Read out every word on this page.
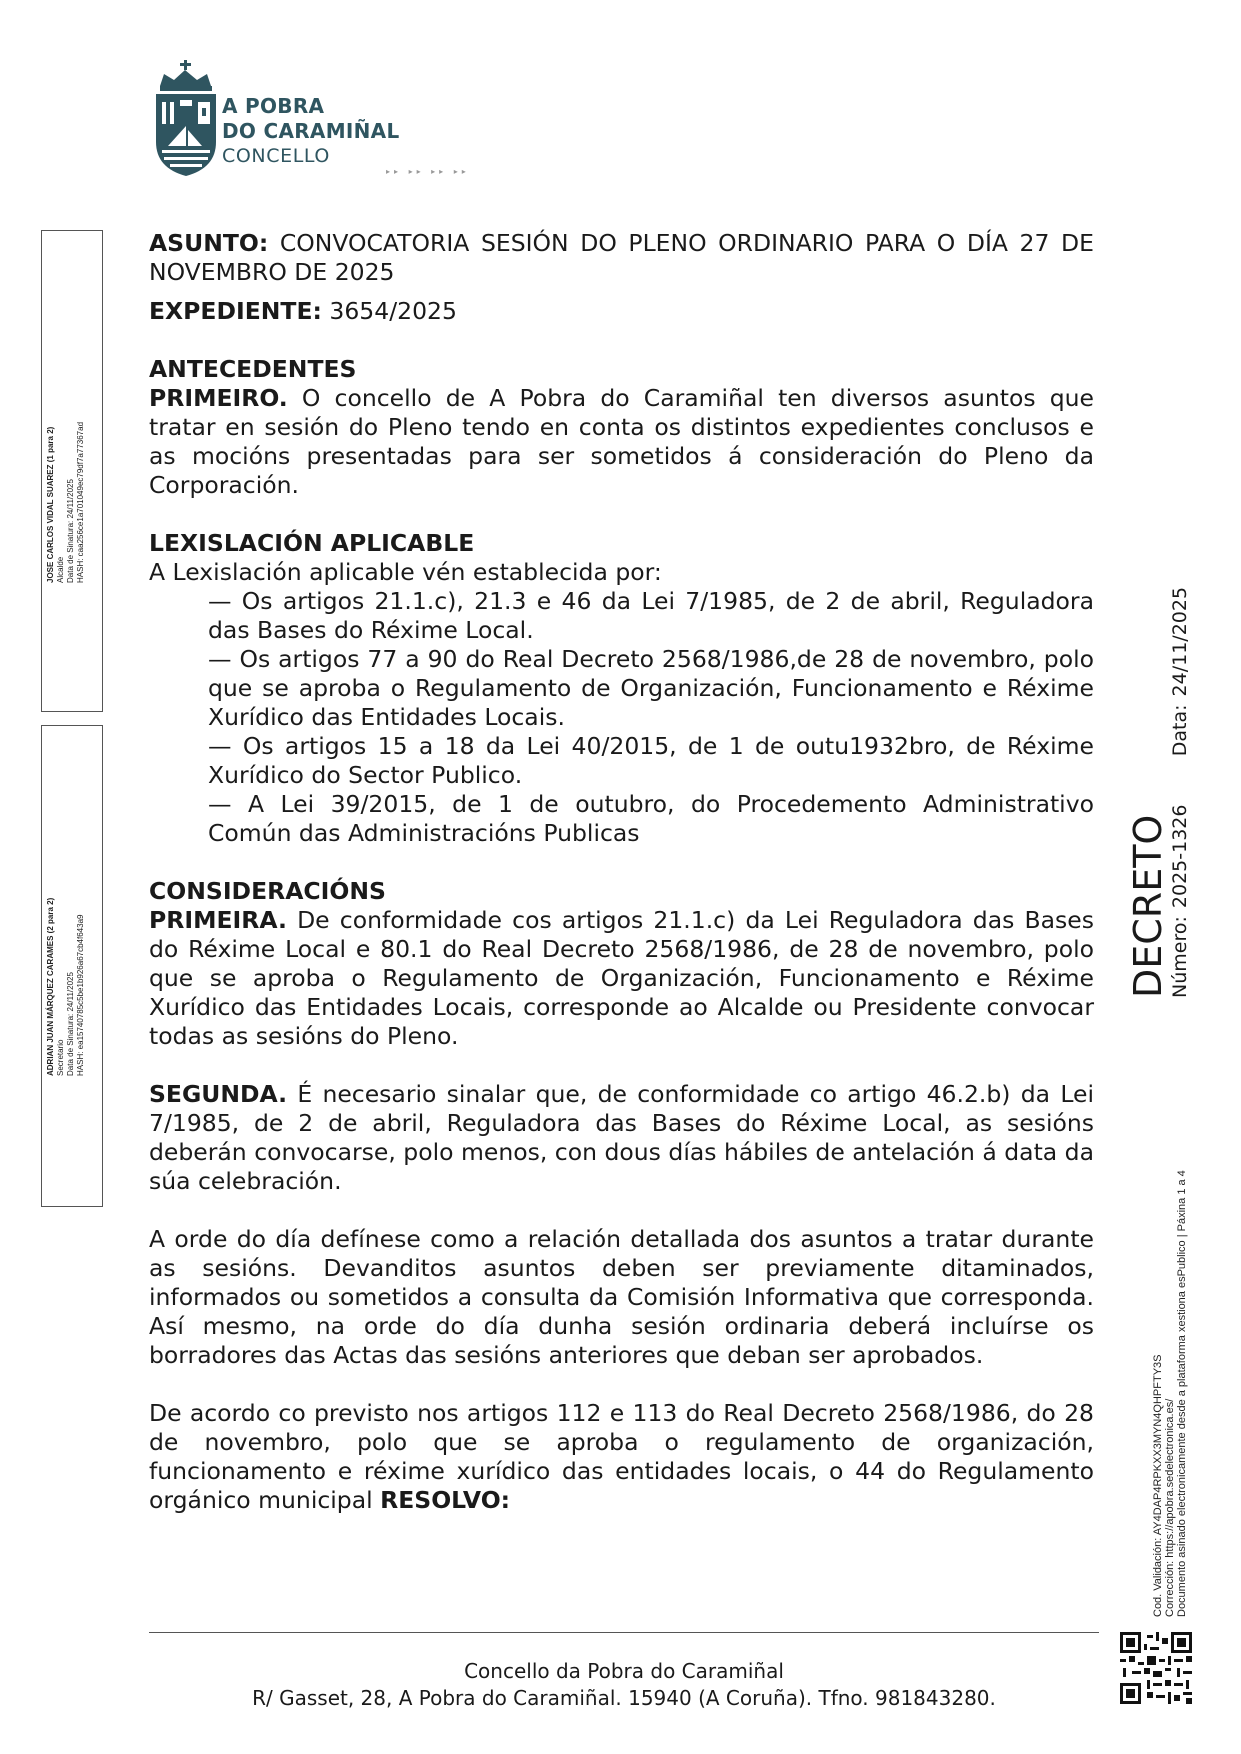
A POBRA
DO CARAMIÑAL
CONCELLO
▸▸ ▸▸ ▸▸ ▸▸
JOSE CARLOS VIDAL SUAREZ (1 para 2) Alcalde Data de Sinatura: 24/11/2025 HASH: caa256ce1a701049ec79df7a77367ad
ADRIAN JUAN MÁRQUEZ CARAMES (2 para 2) Secretario Data de Sinatura: 24/11/2025 HASH: ea15740785c5be1b926a67cb4f643a9

ASUNTO: CONVOCATORIA SESIÓN DO PLENO ORDINARIO PARA O DÍA 27 DE NOVEMBRO DE 2025

EXPEDIENTE: 3654/2025

ANTECEDENTES

PRIMEIRO. O concello de A Pobra do Caramiñal ten diversos asuntos que tratar en sesión do Pleno tendo en conta os distintos expedientes conclusos e as mocións presentadas para ser sometidos á consideración do Pleno da Corporación.

LEXISLACIÓN APLICABLE

A Lexislación aplicable vén establecida por:

— Os artigos 21.1.c), 21.3 e 46 da Lei 7/1985, de 2 de abril, Reguladora das Bases do Réxime Local.

— Os artigos 77 a 90 do Real Decreto 2568/1986,de 28 de novembro, polo que se aproba o Regulamento de Organización, Funcionamento e Réxime Xurídico das Entidades Locais.

— Os artigos 15 a 18 da Lei 40/2015, de 1 de outu1932bro, de Réxime Xurídico do Sector Publico.

— A Lei 39/2015, de 1 de outubro, do Procedemento Administrativo Común das Administracións Publicas

CONSIDERACIÓNS

PRIMEIRA. De conformidade cos artigos 21.1.c) da Lei Reguladora das Bases do Réxime Local e 80.1 do Real Decreto 2568/1986, de 28 de novembro, polo que se aproba o Regulamento de Organización, Funcionamento e Réxime Xurídico das Entidades Locais, corresponde ao Alcalde ou Presidente convocar todas as sesións do Pleno.

SEGUNDA. É necesario sinalar que, de conformidade co artigo 46.2.b) da Lei 7/1985, de 2 de abril, Reguladora das Bases do Réxime Local, as sesións deberán convocarse, polo menos, con dous días hábiles de antelación á data da súa celebración.

A orde do día defínese como a relación detallada dos asuntos a tratar durante as sesións. Devanditos asuntos deben ser previamente ditaminados, informados ou sometidos a consulta da Comisión Informativa que corresponda. Así mesmo, na orde do día dunha sesión ordinaria deberá incluírse os borradores das Actas das sesións anteriores que deban ser aprobados.

De acordo co previsto nos artigos 112 e 113 do Real Decreto 2568/1986, do 28 de novembro, polo que se aproba o regulamento de organización, funcionamento e réxime xurídico das entidades locais, o 44 do Regulamento orgánico municipal RESOLVO:

DECRETO Número: 2025-1326      Data: 24/11/2025
Cod. Validación: AY4DAP4RPKXX3MYN4QHPFTY3S Corrección: https://apobra.sedelectronica.es/ Documento asinado electronicamente desde a plataforma xestiona esPublico | Páxina 1 a 4
Concello da Pobra do Caramiñal
R/ Gasset, 28, A Pobra do Caramiñal. 15940 (A Coruña). Tfno. 981843280.
